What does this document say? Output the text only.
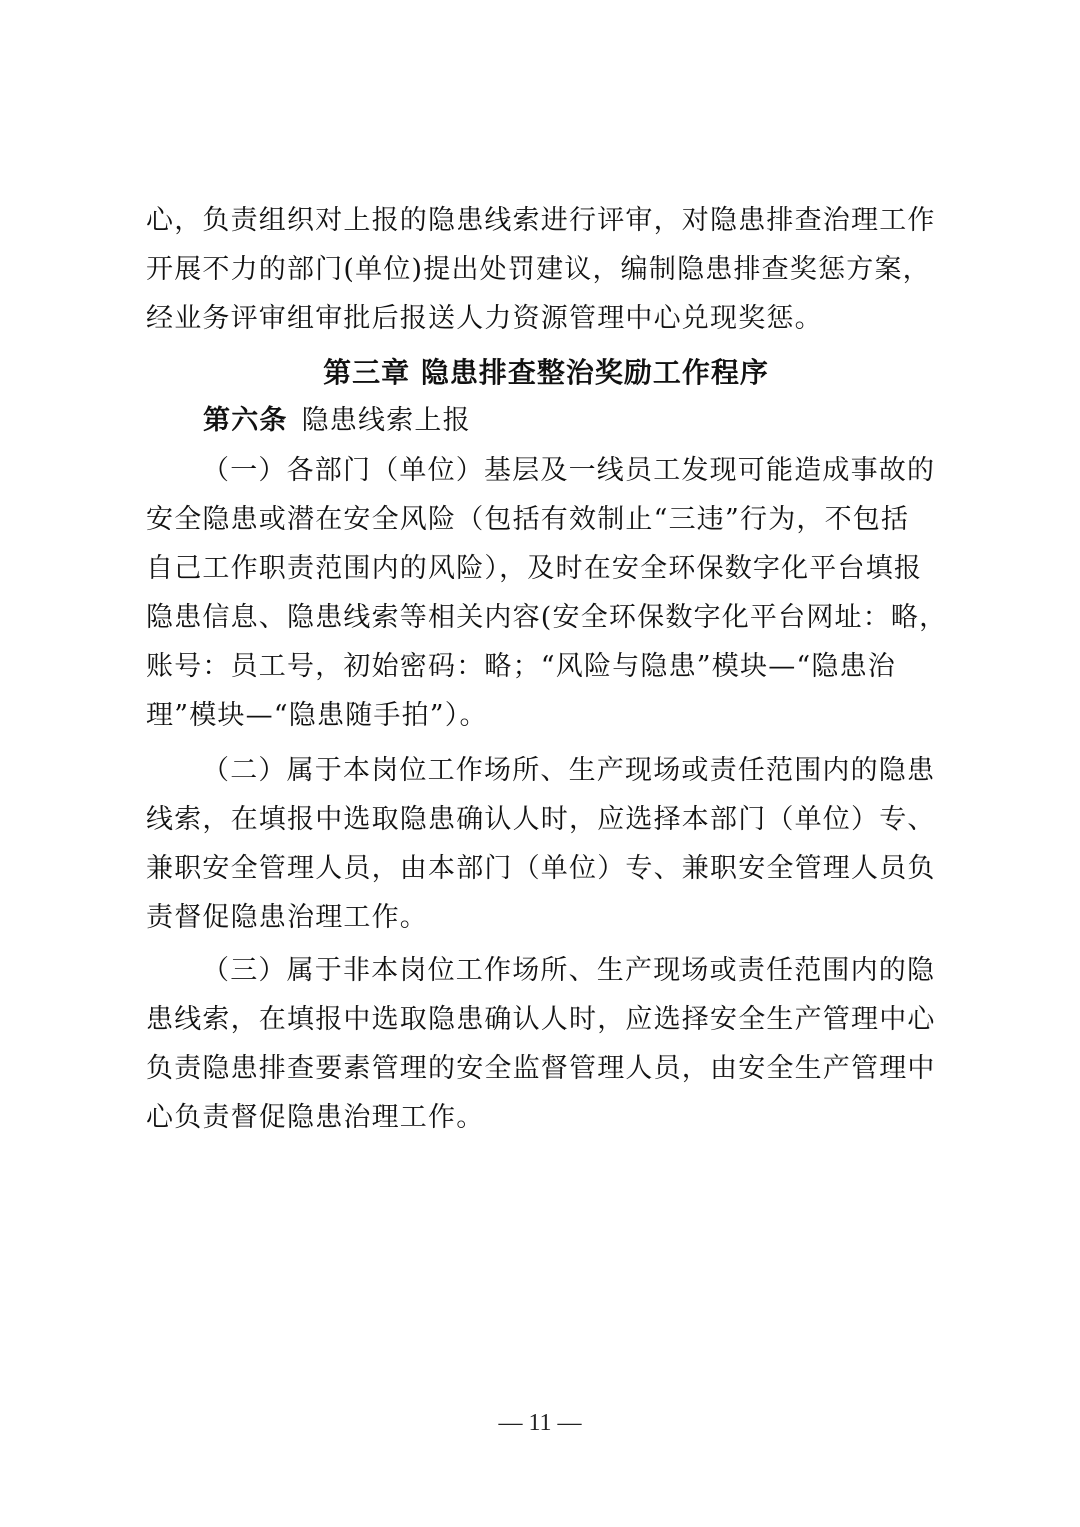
心，负责组织对上报的隐患线索进行评审，对隐患排查治理工作
开展不力的部门(单位)提出处罚建议，编制隐患排查奖惩方案，
经业务评审组审批后报送人力资源管理中心兑现奖惩。
第三章 隐患排查整治奖励工作程序
第六条 隐患线索上报
（一）各部门（单位）基层及一线员工发现可能造成事故的
安全隐患或潜在安全风险（包括有效制止“三违”行为，不包括
自己工作职责范围内的风险），及时在安全环保数字化平台填报
隐患信息、隐患线索等相关内容(安全环保数字化平台网址：略，
账号：员工号，初始密码：略；“风险与隐患”模块—“隐患治
理”模块—“隐患随手拍”）。
（二）属于本岗位工作场所、生产现场或责任范围内的隐患
线索，在填报中选取隐患确认人时，应选择本部门（单位）专、
兼职安全管理人员，由本部门（单位）专、兼职安全管理人员负
责督促隐患治理工作。
（三）属于非本岗位工作场所、生产现场或责任范围内的隐
患线索，在填报中选取隐患确认人时，应选择安全生产管理中心
负责隐患排查要素管理的安全监督管理人员，由安全生产管理中
心负责督促隐患治理工作。
— 11 —
